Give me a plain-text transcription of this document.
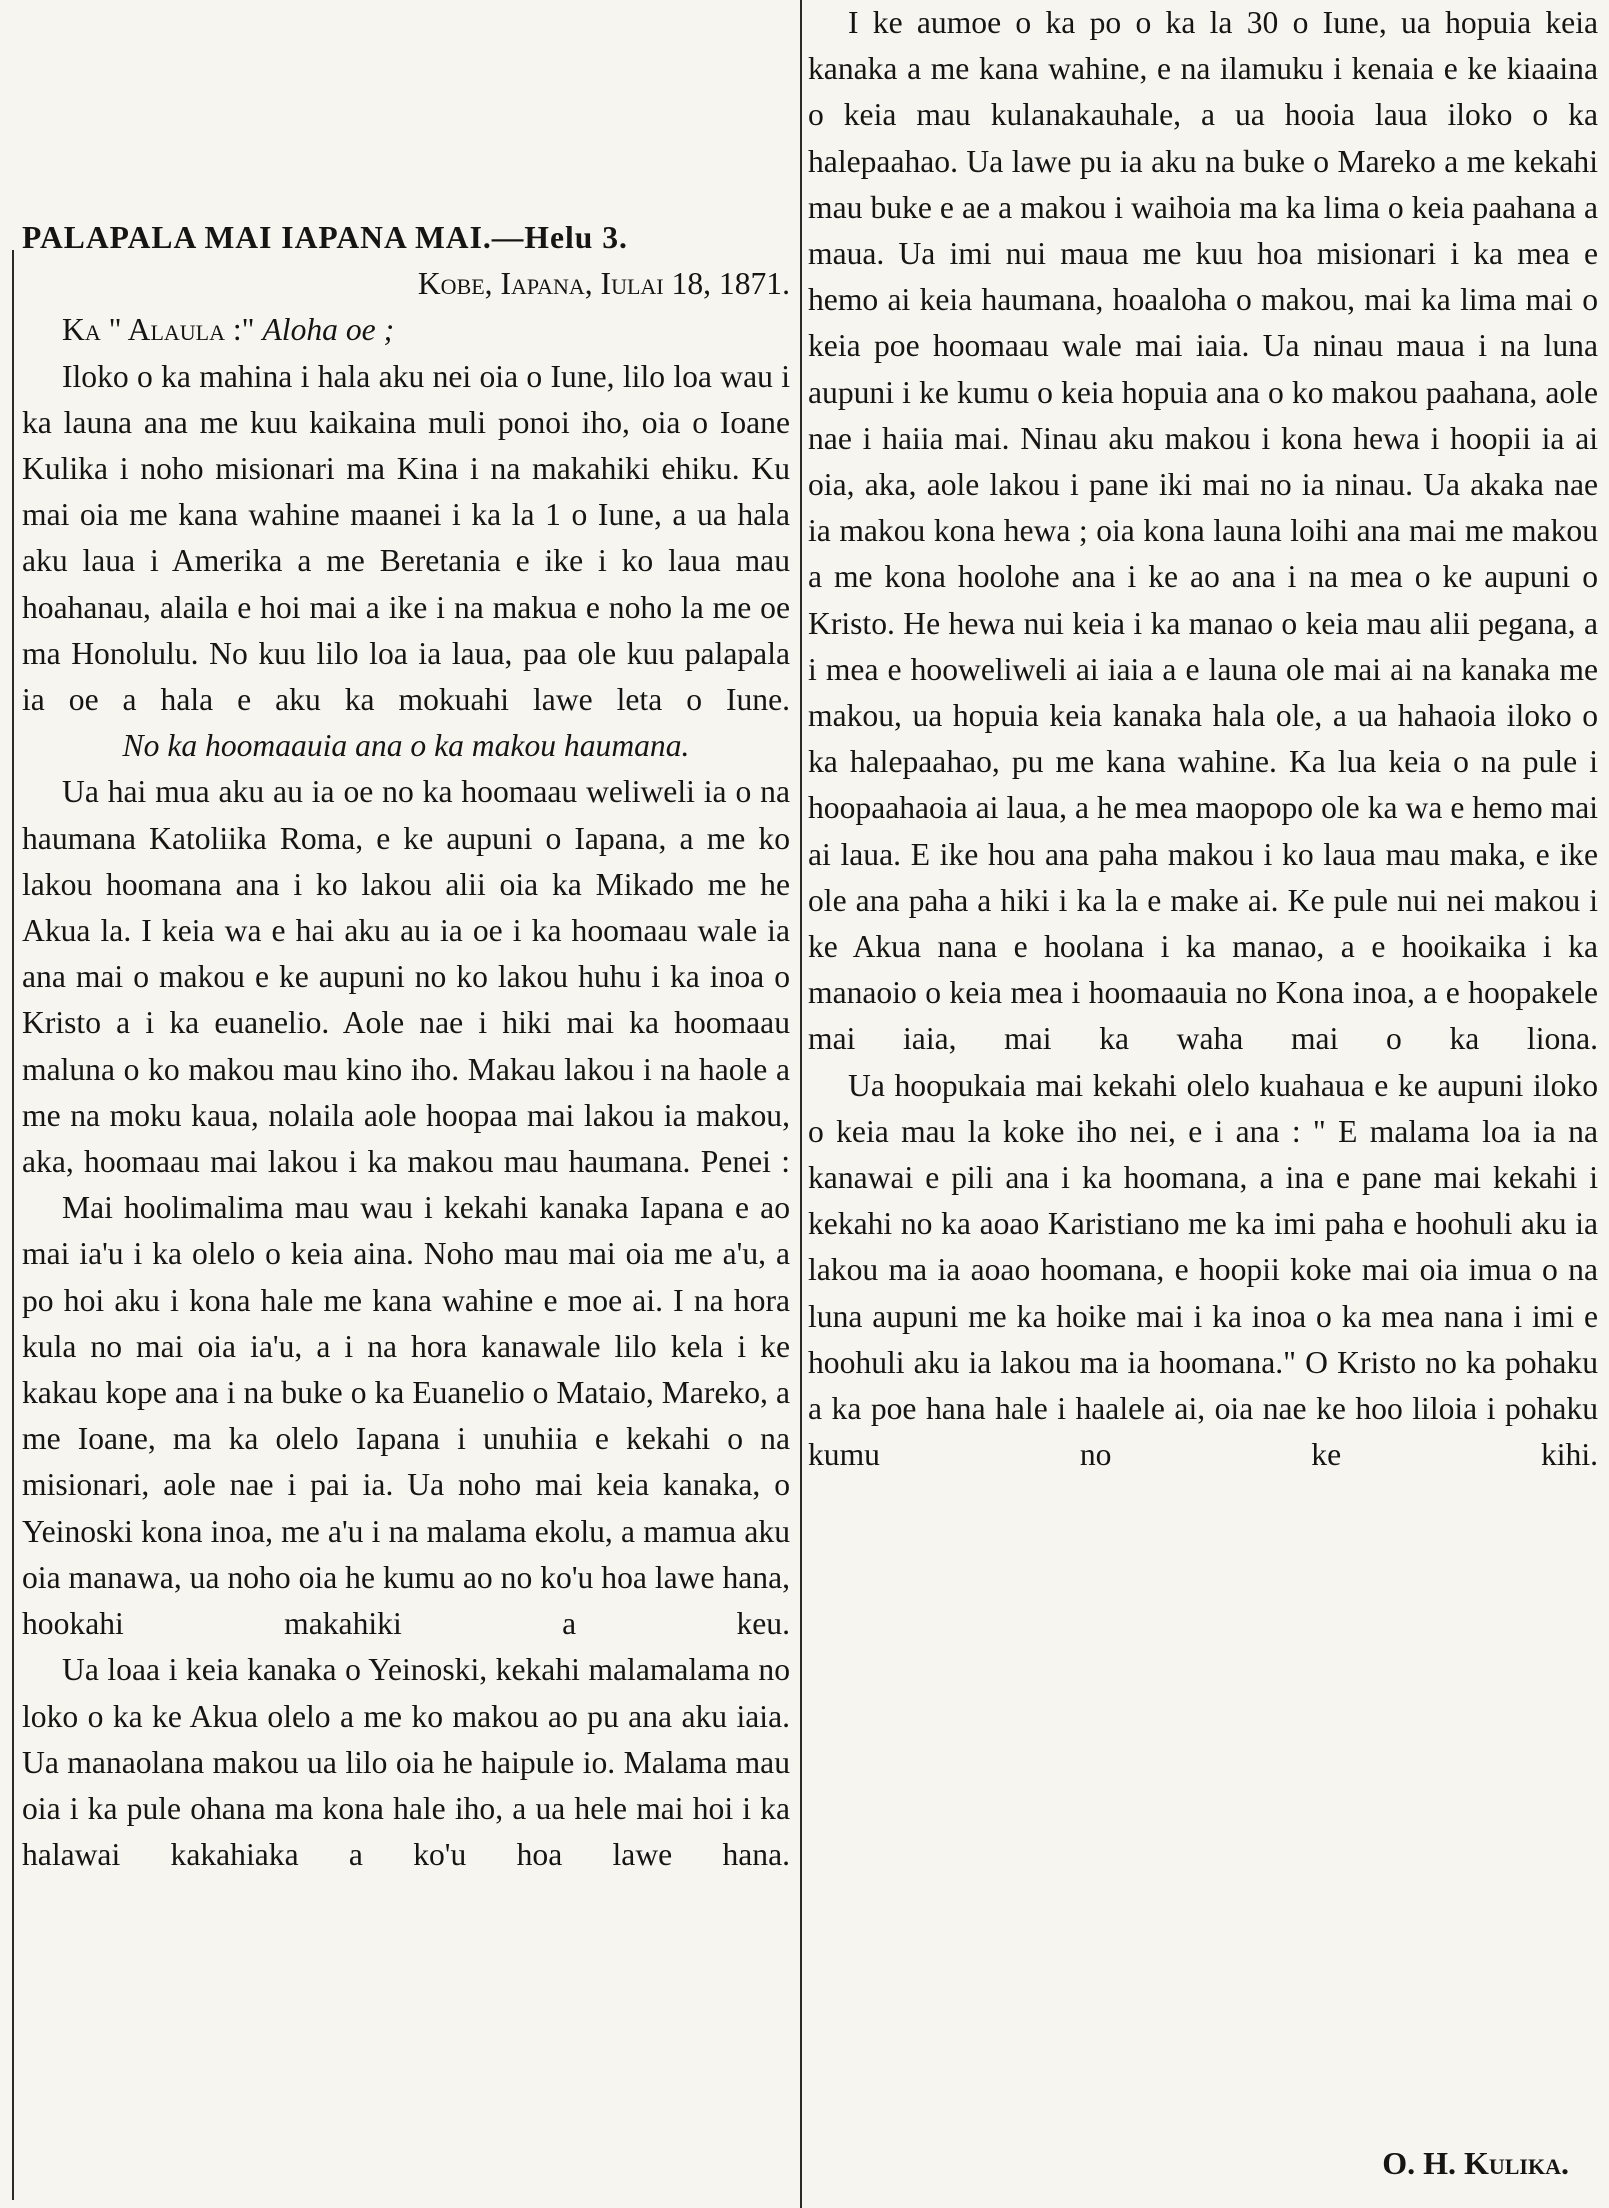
PALAPALA MAI IAPANA MAI.—Helu 3.

Kobe, Iapana, Iulai 18, 1871.

Ka " Alaula :" Aloha oe ;

Iloko o ka mahina i hala aku nei oia o Iune, lilo loa wau i ka launa ana me kuu kaikaina muli ponoi iho, oia o Ioane Kulika i noho misionari ma Kina i na makahiki ehiku. Ku mai oia me kana wahine maanei i ka la 1 o Iune, a ua hala aku laua i Amerika a me Beretania e ike i ko laua mau hoahanau, alaila e hoi mai a ike i na makua e noho la me oe ma Honolulu. No kuu lilo loa ia laua, paa ole kuu palapala ia oe a hala e aku ka mokuahi lawe leta o Iune.

No ka hoomaauia ana o ka makou haumana.

Ua hai mua aku au ia oe no ka hoomaau weliweli ia o na haumana Katoliika Roma, e ke aupuni o Iapana, a me ko lakou hoomana ana i ko lakou alii oia ka Mikado me he Akua la. I keia wa e hai aku au ia oe i ka hoomaau wale ia ana mai o makou e ke aupuni no ko lakou huhu i ka inoa o Kristo a i ka euanelio. Aole nae i hiki mai ka hoomaau maluna o ko makou mau kino iho. Makau lakou i na haole a me na moku kaua, nolaila aole hoopaa mai lakou ia makou, aka, hoomaau mai lakou i ka makou mau haumana. Penei :

Mai hoolimalima mau wau i kekahi kanaka Iapana e ao mai ia'u i ka olelo o keia aina. Noho mau mai oia me a'u, a po hoi aku i kona hale me kana wahine e moe ai. I na hora kula no mai oia ia'u, a i na hora kanawale lilo kela i ke kakau kope ana i na buke o ka Euanelio o Mataio, Mareko, a me Ioane, ma ka olelo Iapana i unuhiia e kekahi o na misionari, aole nae i pai ia. Ua noho mai keia kanaka, o Yeinoski kona inoa, me a'u i na malama ekolu, a mamua aku oia manawa, ua noho oia he kumu ao no ko'u hoa lawe hana, hookahi makahiki a keu.

Ua loaa i keia kanaka o Yeinoski, kekahi malamalama no loko o ka ke Akua olelo a me ko makou ao pu ana aku iaia. Ua manaolana makou ua lilo oia he haipule io. Malama mau oia i ka pule ohana ma kona hale iho, a ua hele mai hoi i ka halawai kakahiaka a ko'u hoa lawe hana.

I ke aumoe o ka po o ka la 30 o Iune, ua hopuia keia kanaka a me kana wahine, e na ilamuku i kenaia e ke kiaaina o keia mau kulanakauhale, a ua hooia laua iloko o ka halepaahao. Ua lawe pu ia aku na buke o Mareko a me kekahi mau buke e ae a makou i waihoia ma ka lima o keia paahana a maua. Ua imi nui maua me kuu hoa misionari i ka mea e hemo ai keia haumana, hoaaloha o makou, mai ka lima mai o keia poe hoomaau wale mai iaia. Ua ninau maua i na luna aupuni i ke kumu o keia hopuia ana o ko makou paahana, aole nae i haiia mai. Ninau aku makou i kona hewa i hoopii ia ai oia, aka, aole lakou i pane iki mai no ia ninau. Ua akaka nae ia makou kona hewa ; oia kona launa loihi ana mai me makou a me kona hoolohe ana i ke ao ana i na mea o ke aupuni o Kristo. He hewa nui keia i ka manao o keia mau alii pegana, a i mea e hooweliweli ai iaia a e launa ole mai ai na kanaka me makou, ua hopuia keia kanaka hala ole, a ua hahaoia iloko o ka halepaahao, pu me kana wahine. Ka lua keia o na pule i hoopaahaoia ai laua, a he mea maopopo ole ka wa e hemo mai ai laua. E ike hou ana paha makou i ko laua mau maka, e ike ole ana paha a hiki i ka la e make ai. Ke pule nui nei makou i ke Akua nana e hoolana i ka manao, a e hooikaika i ka manaoio o keia mea i hoomaauia no Kona inoa, a e hoopakele mai iaia, mai ka waha mai o ka liona.

Ua hoopukaia mai kekahi olelo kuahaua e ke aupuni iloko o keia mau la koke iho nei, e i ana : " E malama loa ia na kanawai e pili ana i ka hoomana, a ina e pane mai kekahi i kekahi no ka aoao Karistiano me ka imi paha e hoohuli aku ia lakou ma ia aoao hoomana, e hoopii koke mai oia imua o na luna aupuni me ka hoike mai i ka inoa o ka mea nana i imi e hoohuli aku ia lakou ma ia hoomana." O Kristo no ka pohaku a ka poe hana hale i haalele ai, oia nae ke hoo liloia i pohaku kumu no ke kihi.

O. H. Kulika.
